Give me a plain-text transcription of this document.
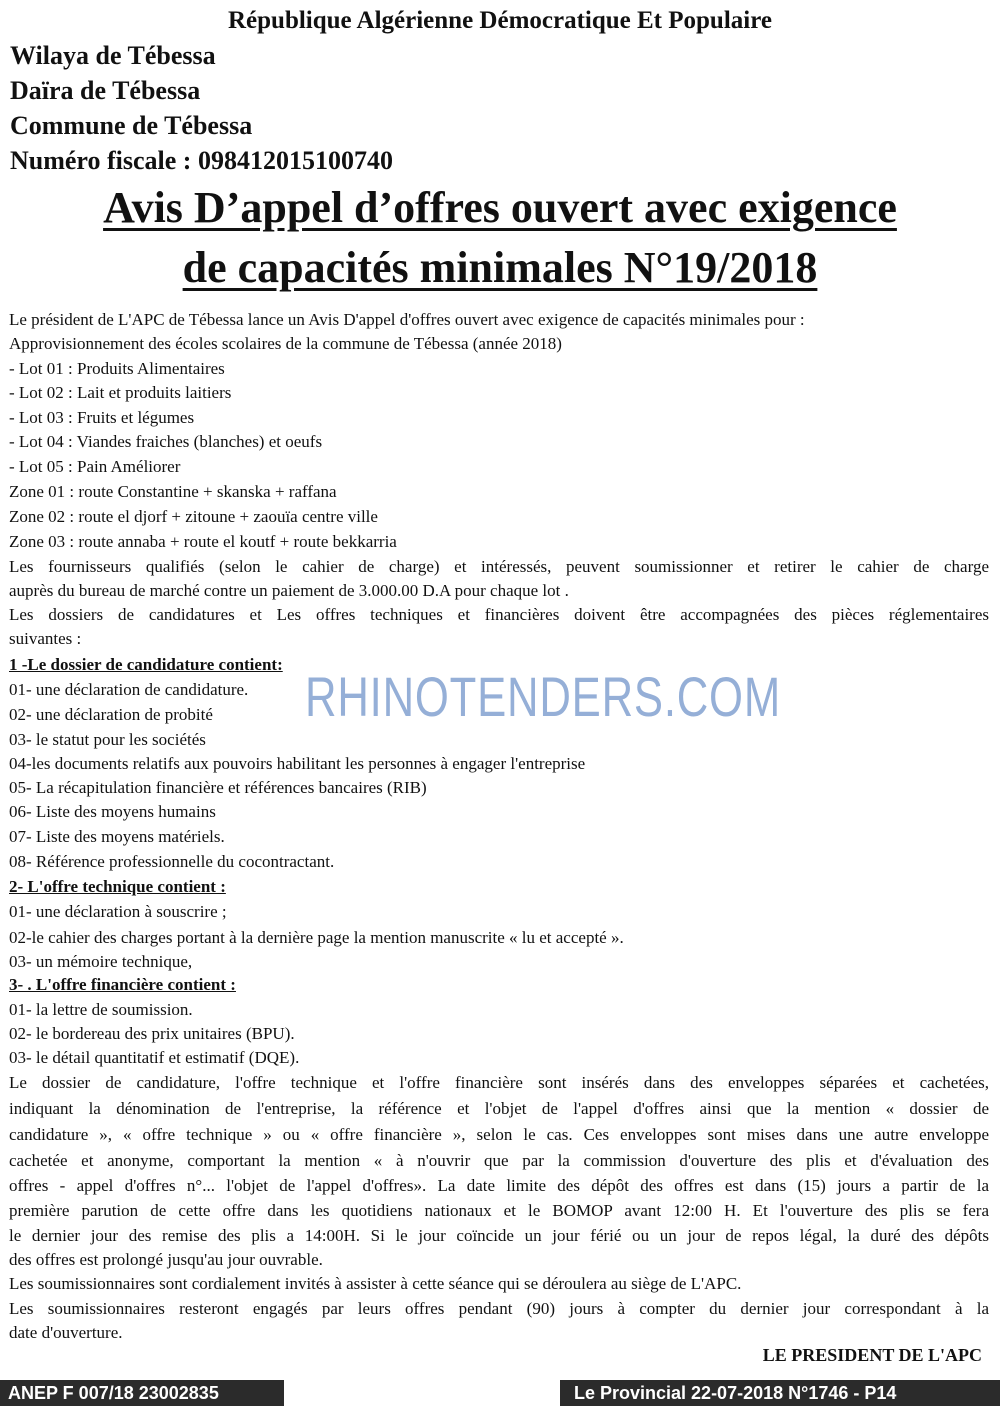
République Algérienne Démocratique Et Populaire
Wilaya de Tébessa
Daïra de Tébessa
Commune de Tébessa
Numéro fiscale : 098412015100740
Avis D’appel d’offres ouvert avec exigence
de capacités minimales N°19/2018
Le président de L'APC de Tébessa lance un Avis D'appel d'offres ouvert avec exigence de capacités minimales pour :
Approvisionnement des écoles scolaires de la commune de Tébessa (année 2018)
- Lot 01 : Produits Alimentaires
- Lot 02 : Lait et produits laitiers
- Lot 03 : Fruits et légumes
- Lot 04 : Viandes fraiches (blanches) et oeufs
- Lot 05 : Pain Améliorer
Zone 01 : route Constantine + skanska + raffana
Zone 02 : route el djorf + zitoune + zaouïa centre ville
Zone 03 : route annaba + route el koutf + route bekkarria
Les fournisseurs qualifiés (selon le cahier de charge) et intéressés, peuvent soumissionner et retirer le cahier de charge
auprès du bureau de marché contre un paiement de 3.000.00 D.A pour chaque lot .
Les dossiers de candidatures et Les offres techniques et financières doivent être accompagnées des pièces réglementaires
suivantes :
1 -Le dossier de candidature contient:
01- une déclaration de candidature.
02- une déclaration de probité
03- le statut pour les sociétés
04-les documents relatifs aux pouvoirs habilitant les personnes à engager l'entreprise
05- La récapitulation financière et références bancaires (RIB)
06- Liste des moyens humains
07- Liste des moyens matériels.
08- Référence professionnelle du cocontractant.
2- L'offre technique contient :
01- une déclaration à souscrire ;
02-le cahier des charges portant à la dernière page la mention manuscrite « lu et accepté ».
03- un mémoire technique,
3- . L'offre financière contient :
01- la lettre de soumission.
02- le bordereau des prix unitaires (BPU).
03- le détail quantitatif et estimatif (DQE).
Le dossier de candidature, l'offre technique et l'offre financière sont insérés dans des enveloppes séparées et cachetées,
indiquant la dénomination de l'entreprise, la référence et l'objet de l'appel d'offres ainsi que la mention « dossier de
candidature », « offre technique » ou « offre financière », selon le cas. Ces enveloppes sont mises dans une autre enveloppe
cachetée et anonyme, comportant la mention « à n'ouvrir que par la commission d'ouverture des plis et d'évaluation des
offres - appel d'offres n°... l'objet de l'appel d'offres». La date limite des dépôt des offres est dans (15) jours a partir de la
première parution de cette offre dans les quotidiens nationaux et le BOMOP avant 12:00 H. Et l'ouverture des plis se fera
le dernier jour des remise des plis a 14:00H. Si le jour coïncide un jour férié ou un jour de repos légal, la duré des dépôts
des offres est prolongé jusqu'au jour ouvrable.
Les soumissionnaires sont cordialement invités à assister à cette séance qui se déroulera au siège de L'APC.
Les soumissionnaires resteront engagés par leurs offres pendant (90) jours à compter du dernier jour correspondant à la
date d'ouverture.
LE PRESIDENT DE L'APC
RHINOTENDERS.COM
ANEP F 007/18 23002835	Le Provincial 22-07-2018 N°1746 - P14
